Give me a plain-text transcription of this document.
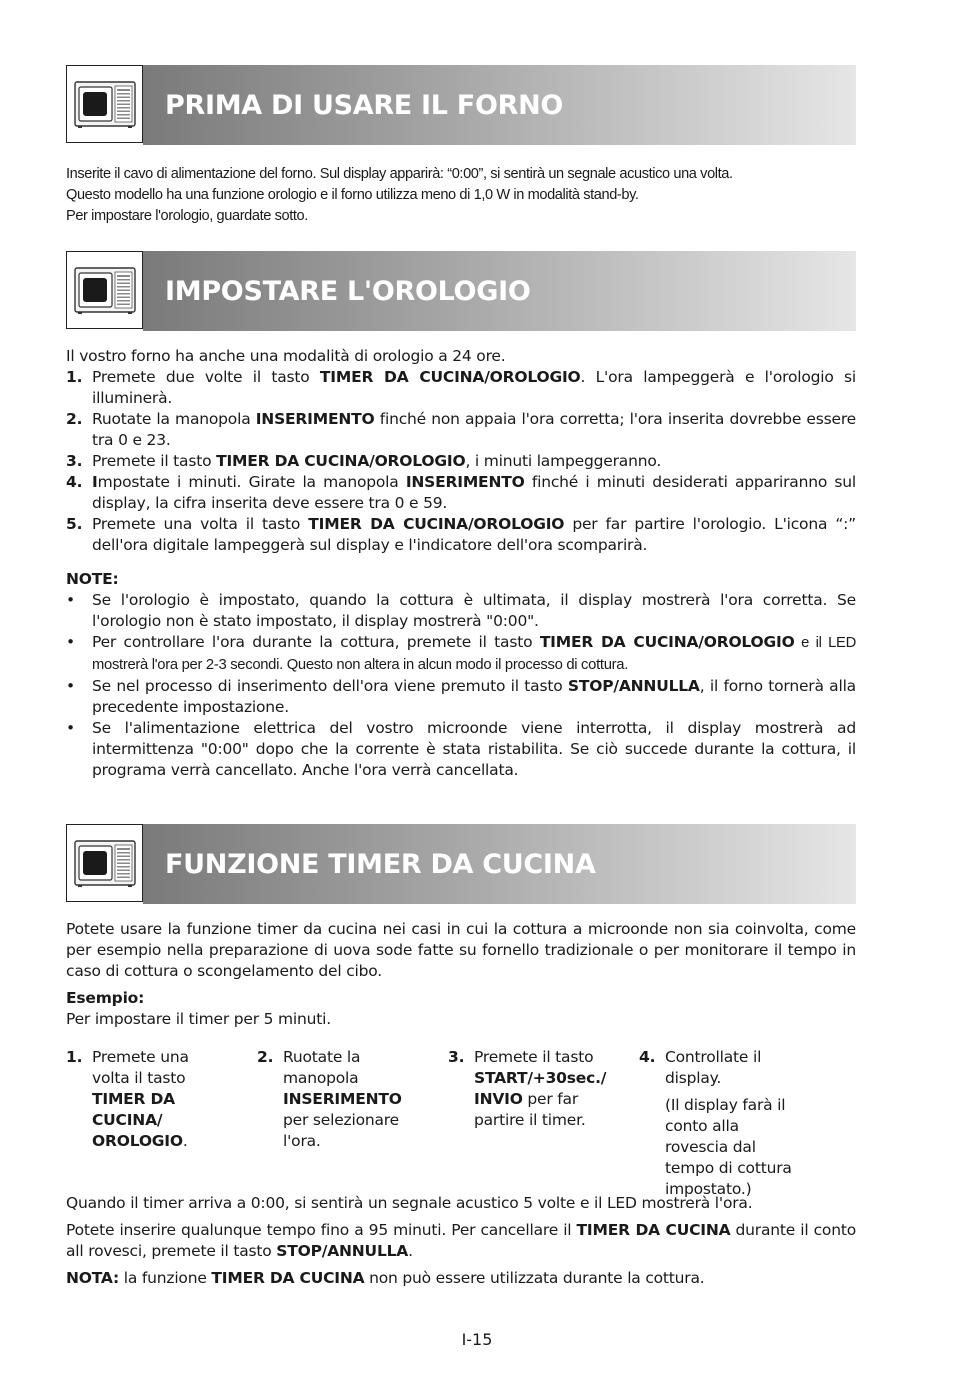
PRIMA DI USARE IL FORNO
Inserite il cavo di alimentazione del forno. Sul display apparirà: “0:00”, si sentirà un segnale acustico una volta.
Questo modello ha una funzione orologio e il forno utilizza meno di 1,0 W in modalità stand-by.
Per impostare l'orologio, guardate sotto.
IMPOSTARE L'OROLOGIO

Il vostro forno ha anche una modalità di orologio a 24 ore.

1. Premete due volte il tasto TIMER DA CUCINA/OROLOGIO. L'ora lampeggerà e l'orologio si illuminerà.
2. Ruotate la manopola INSERIMENTO finché non appaia l'ora corretta; l'ora inserita dovrebbe essere tra 0 e 23.
3. Premete il tasto TIMER DA CUCINA/OROLOGIO, i minuti lampeggeranno.
4. Impostate i minuti. Girate la manopola INSERIMENTO finché i minuti desiderati appariranno sul display, la cifra inserita deve essere tra 0 e 59.
5. Premete una volta il tasto TIMER DA CUCINA/OROLOGIO per far partire l'orologio. L'icona “:” dell'ora digitale lampeggerà sul display e l'indicatore dell'ora scomparirà.

NOTE:

• Se l'orologio è impostato, quando la cottura è ultimata, il display mostrerà l'ora corretta. Se l'orologio non è stato impostato, il display mostrerà "0:00".
• Per controllare l'ora durante la cottura, premete il tasto TIMER DA CUCINA/OROLOGIO e il LED mostrerà l'ora per 2-3 secondi. Questo non altera in alcun modo il processo di cottura.
• Se nel processo di inserimento dell'ora viene premuto il tasto STOP/ANNULLA, il forno tornerà alla precedente impostazione.
• Se l'alimentazione elettrica del vostro microonde viene interrotta, il display mostrerà ad intermittenza "0:00" dopo che la corrente è stata ristabilita. Se ciò succede durante la cottura, il programa verrà cancellato. Anche l'ora verrà cancellata.
FUNZIONE TIMER DA CUCINA

Potete usare la funzione timer da cucina nei casi in cui la cottura a microonde non sia coinvolta, come per esempio nella preparazione di uova sode fatte su fornello tradizionale o per monitorare il tempo in caso di cottura o scongelamento del cibo.

Esempio:

Per impostare il timer per 5 minuti.

1. Premete una volta il tasto
TIMER DA CUCINA/ OROLOGIO.
2. Ruotate la manopola
INSERIMENTO
per selezionare l'ora.
3. Premete il tasto
START/+30sec./ INVIO per far partire il timer.
4. Controllate il display.

(Il display farà il conto alla rovescia dal tempo di cottura impostato.)

Quando il timer arriva a 0:00, si sentirà un segnale acustico 5 volte e il LED mostrerà l'ora.

Potete inserire qualunque tempo fino a 95 minuti. Per cancellare il TIMER DA CUCINA durante il conto all rovesci, premete il tasto STOP/ANNULLA.

NOTA: la funzione TIMER DA CUCINA non può essere utilizzata durante la cottura.

I-15
